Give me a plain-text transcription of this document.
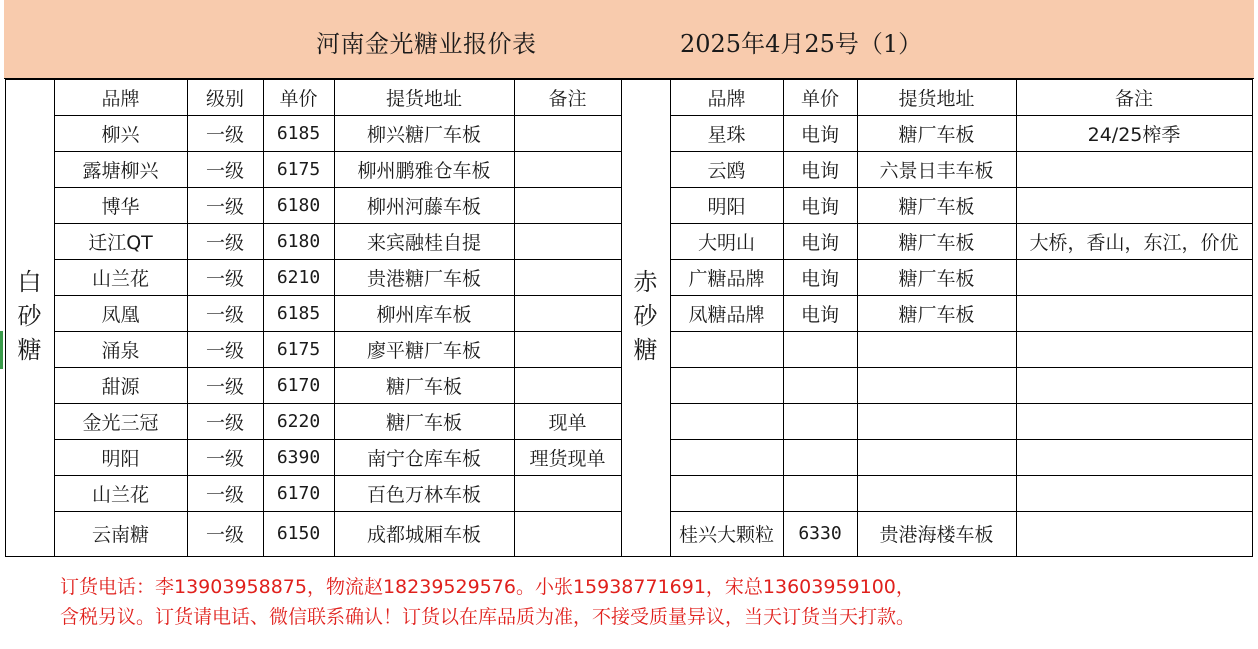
河南金光糖业报价表	2025年4月25号（1）
品牌	级别	单价	提货地址	备注
柳兴	一级	6185	柳兴糖厂车板
露塘柳兴	一级	6175	柳州鹏雅仓车板
博华	一级	6180	柳州河藤车板
迁江QT	一级	6180	来宾融桂自提
山兰花	一级	6210	贵港糖厂车板
凤凰	一级	6185	柳州库车板
涌泉	一级	6175	廖平糖厂车板
甜源	一级	6170	糖厂车板
金光三冠	一级	6220	糖厂车板	现单
明阳	一级	6390	南宁仓库车板	理货现单
山兰花	一级	6170	百色万林车板
云南糖	一级	6150	成都城厢车板
品牌	单价	提货地址	备注
星珠	电询	糖厂车板	24/25榨季
云鸥	电询	六景日丰车板
明阳	电询	糖厂车板
大明山	电询	糖厂车板	大桥，香山，东江，价优
广糖品牌	电询	糖厂车板
凤糖品牌	电询	糖厂车板
桂兴大颗粒	6330	贵港海楼车板
白
砂
糖
赤
砂
糖
订货电话：李13903958875，物流赵18239529576。小张15938771691，宋总13603959100，
含税另议。订货请电话、微信联系确认！订货以在库品质为准，不接受质量异议，当天订货当天打款。
